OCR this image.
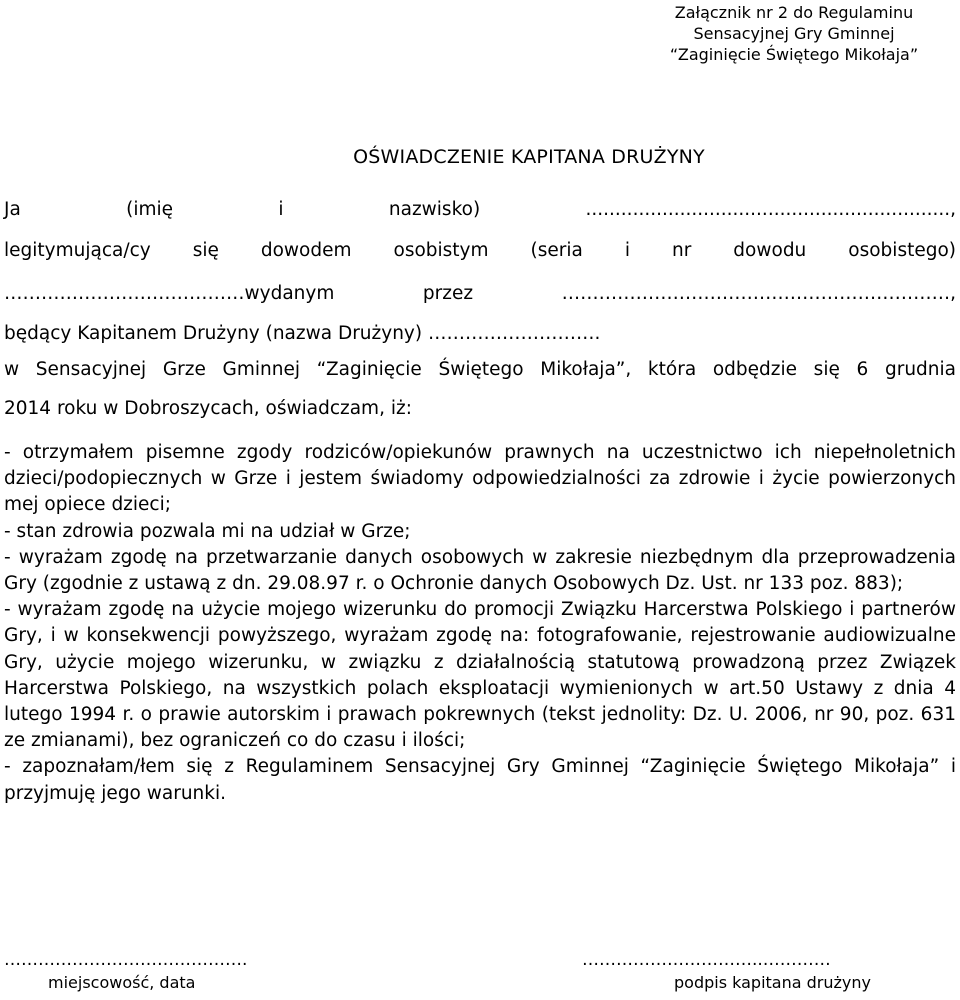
Załącznik nr 2 do Regulaminu
Sensacyjnej Gry Gminnej
“Zaginięcie Świętego Mikołaja”
OŚWIADCZENIE KAPITANA DRUŻYNY
Ja (imię i nazwisko) ..............................................................,
legitymująca/cy się dowodem osobistym (seria i nr dowodu osobistego)
…………………………………wydanym przez ………………………………………………………,
będący Kapitanem Drużyny (nazwa Drużyny) ……………………….
w Sensacyjnej Grze Gminnej “Zaginięcie Świętego Mikołaja”, która odbędzie się 6 grudnia
2014 roku w Dobroszycach, oświadczam, iż:

- otrzymałem pisemne zgody rodziców/opiekunów prawnych na uczestnictwo ich niepełnoletnich dzieci/podopiecznych w Grze i jestem świadomy odpowiedzialności za zdrowie i życie powierzonych mej opiece dzieci;

- stan zdrowia pozwala mi na udział w Grze;

- wyrażam zgodę na przetwarzanie danych osobowych w zakresie niezbędnym dla przeprowadzenia Gry (zgodnie z ustawą z dn. 29.08.97 r. o Ochronie danych Osobowych Dz. Ust. nr 133 poz. 883);

- wyrażam zgodę na użycie mojego wizerunku do promocji Związku Harcerstwa Polskiego i partnerów Gry, i w konsekwencji powyższego, wyrażam zgodę na: fotografowanie, rejestrowanie audiowizualne Gry, użycie mojego wizerunku, w związku z działalnością statutową prowadzoną przez Związek Harcerstwa Polskiego, na wszystkich polach eksploatacji wymienionych w art.50 Ustawy z dnia 4 lutego 1994 r. o prawie autorskim i prawach pokrewnych (tekst jednolity: Dz. U. 2006, nr 90, poz. 631 ze zmianami), bez ograniczeń co do czasu i ilości;

- zapoznałam/łem się z Regulaminem Sensacyjnej Gry Gminnej “Zaginięcie Świętego Mikołaja” i przyjmuję jego warunki.

…………………………………….
miejscowość, data
…………………………..…………
podpis kapitana drużyny
